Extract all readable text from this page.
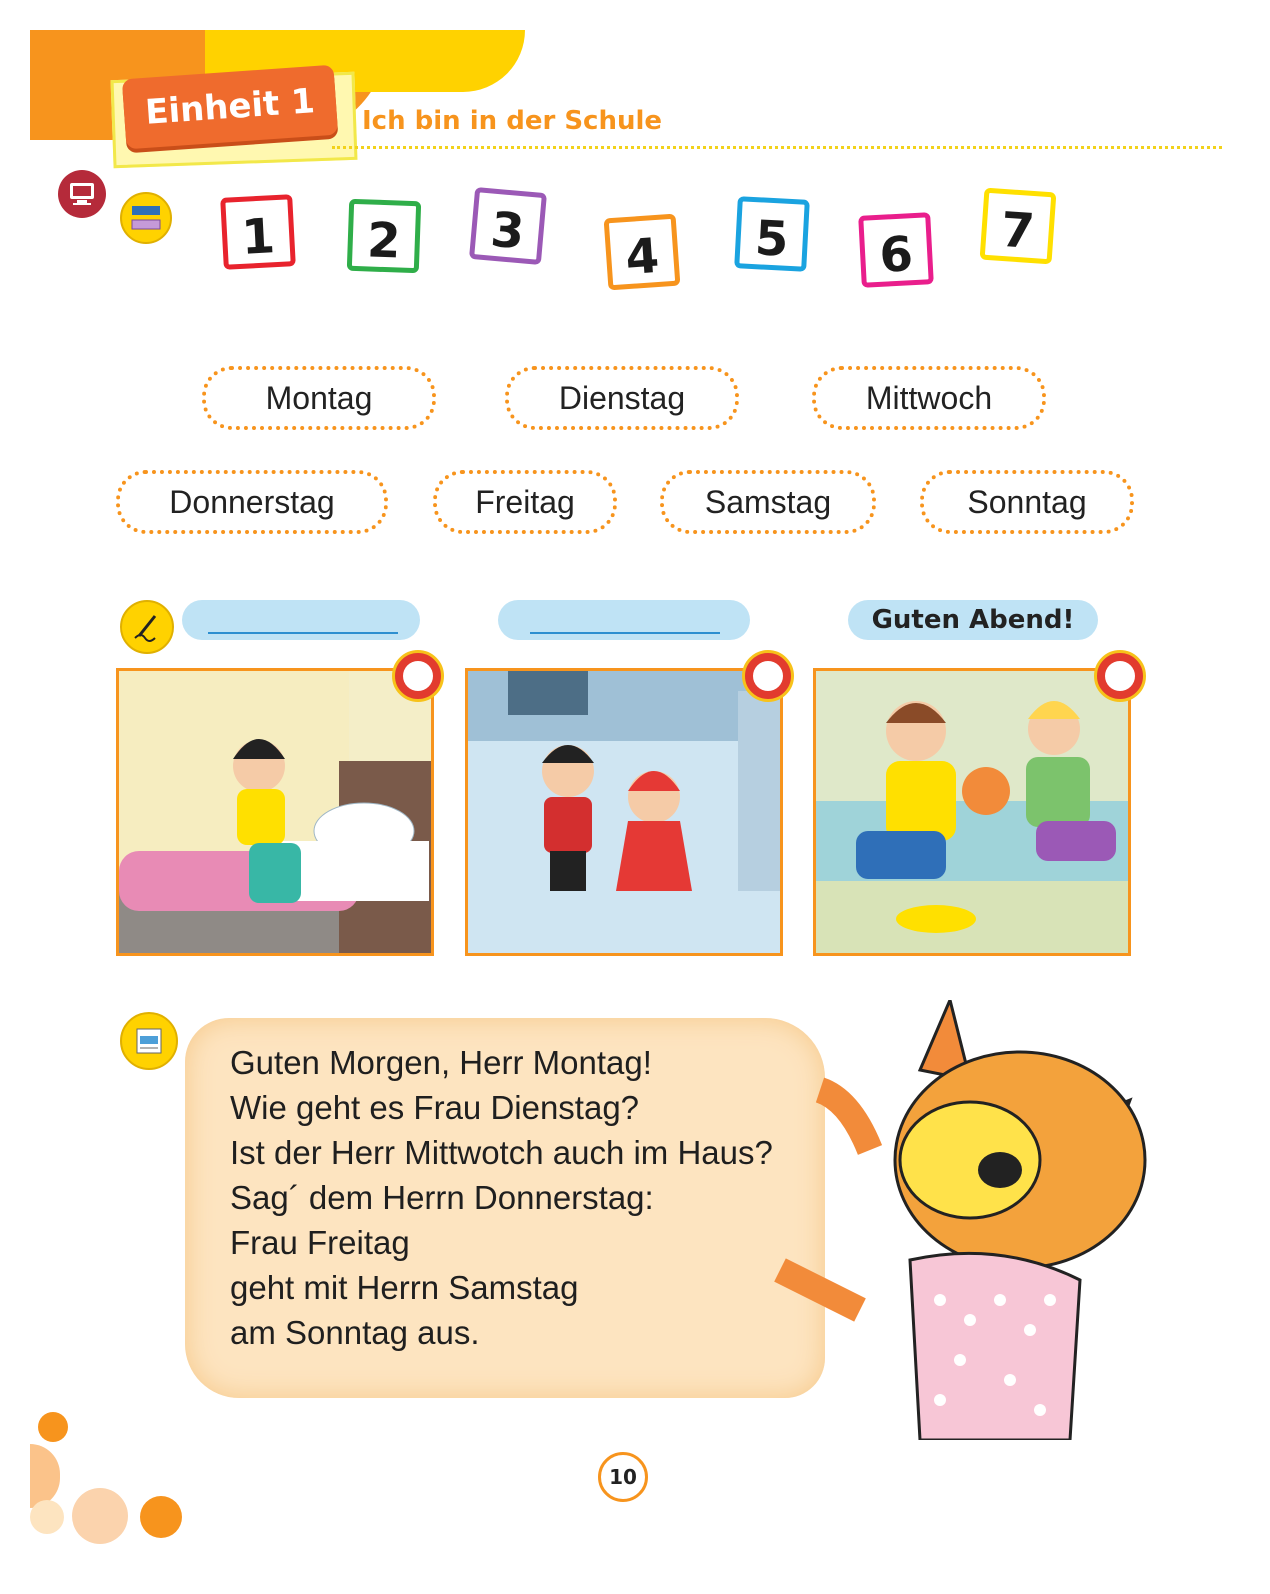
Einheit 1	Ich bin in der Schule
1	2	3	4	5	6	7
Montag	Dienstag	Mittwoch
Donnerstag	Freitag	Samstag	Sonntag
Guten Abend!
Guten Morgen, Herr Montag!
Wie geht es Frau Dienstag?
Ist der Herr Mittwotch auch im Haus?
Sag´ dem Herrn Donnerstag:
Frau Freitag
geht mit Herrn Samstag
am Sonntag aus.
10
